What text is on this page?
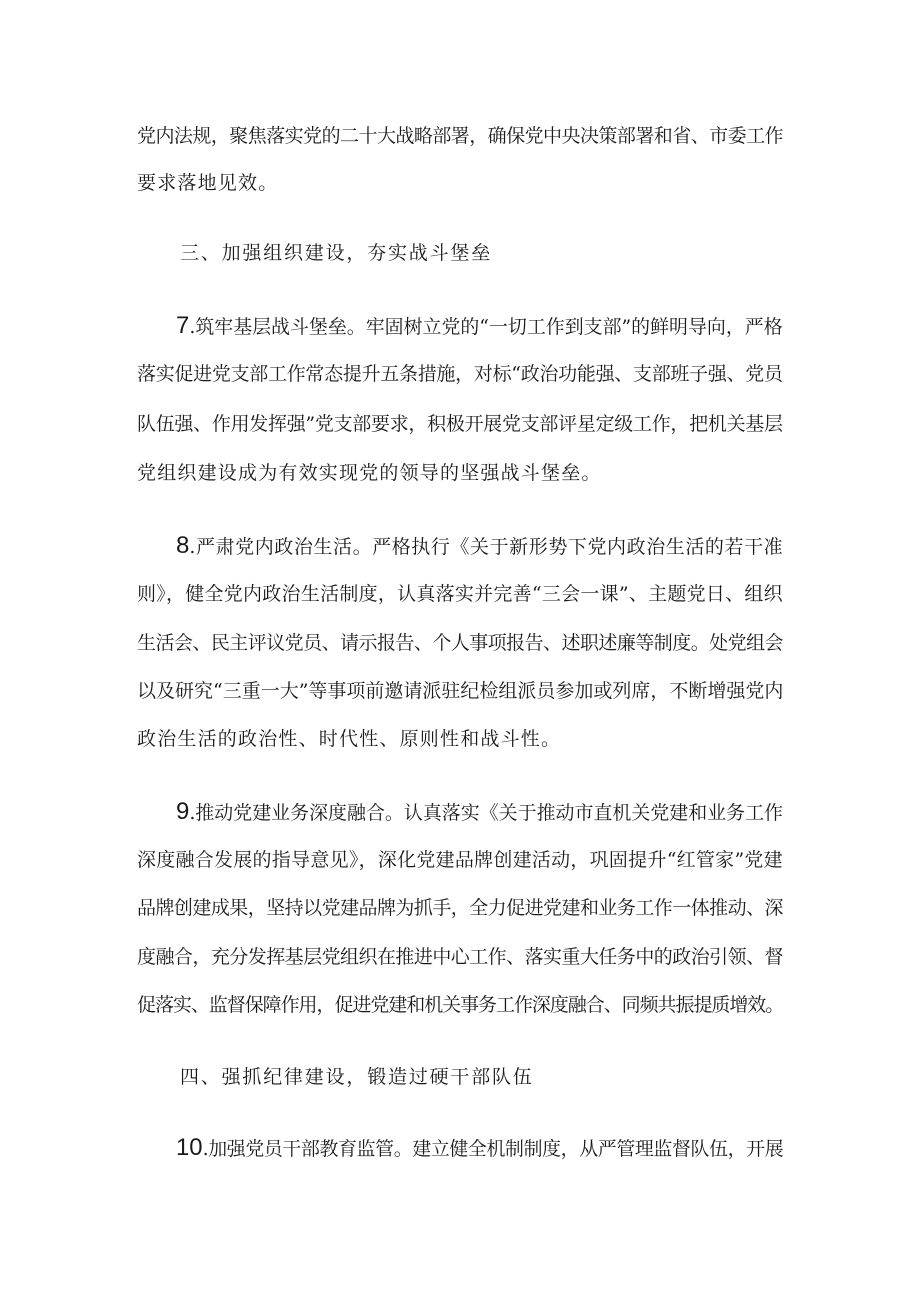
党内法规，聚焦落实党的二十大战略部署，确保党中央决策部署和省、市委工作

要求落地见效。

三、加强组织建设，夯实战斗堡垒

7.筑牢基层战斗堡垒。牢固树立党的“一切工作到支部”的鲜明导向，严格

落实促进党支部工作常态提升五条措施，对标“政治功能强、支部班子强、党员

队伍强、作用发挥强”党支部要求，积极开展党支部评星定级工作，把机关基层

党组织建设成为有效实现党的领导的坚强战斗堡垒。

8.严肃党内政治生活。严格执行《关于新形势下党内政治生活的若干准

则》，健全党内政治生活制度，认真落实并完善“三会一课”、主题党日、组织

生活会、民主评议党员、请示报告、个人事项报告、述职述廉等制度。处党组会

以及研究“三重一大”等事项前邀请派驻纪检组派员参加或列席，不断增强党内

政治生活的政治性、时代性、原则性和战斗性。

9.推动党建业务深度融合。认真落实《关于推动市直机关党建和业务工作

深度融合发展的指导意见》，深化党建品牌创建活动，巩固提升“红管家”党建

品牌创建成果，坚持以党建品牌为抓手，全力促进党建和业务工作一体推动、深

度融合，充分发挥基层党组织在推进中心工作、落实重大任务中的政治引领、督

促落实、监督保障作用，促进党建和机关事务工作深度融合、同频共振提质增效。

四、强抓纪律建设，锻造过硬干部队伍

10.加强党员干部教育监管。建立健全机制制度，从严管理监督队伍，开展
